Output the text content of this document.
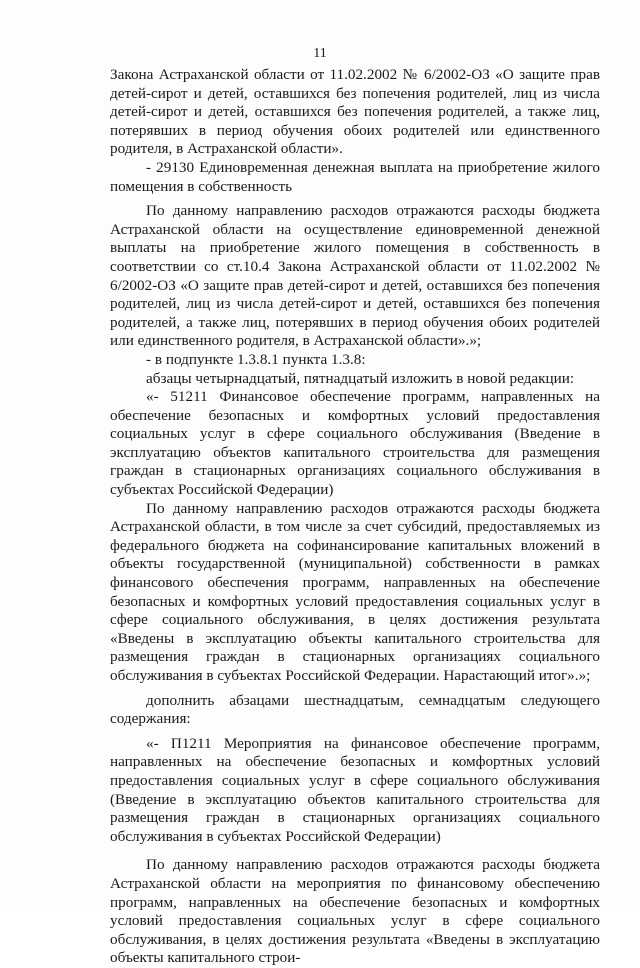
11

Закона Астраханской области от 11.02.2002 № 6/2002-ОЗ «О защите прав детей-сирот и детей, оставшихся без попечения родителей, лиц из числа детей-сирот и детей, оставшихся без попечения родителей, а также лиц, потерявших в период обучения обоих родителей или единственного родителя, в Астраханской области».

- 29130 Единовременная денежная выплата на приобретение жилого помещения в собственность

По данному направлению расходов отражаются расходы бюджета Астраханской области на осуществление единовременной денежной выплаты на приобретение жилого помещения в собственность в соответствии со ст.10.4 Закона Астраханской области от 11.02.2002 № 6/2002-ОЗ «О защите прав детей-сирот и детей, оставшихся без попечения родителей, лиц из числа детей-сирот и детей, оставшихся без попечения родителей, а также лиц, потерявших в период обучения обоих родителей или единственного родителя, в Астраханской области».»;

- в подпункте 1.3.8.1 пункта 1.3.8:

абзацы четырнадцатый, пятнадцатый изложить в новой редакции:

«- 51211 Финансовое обеспечение программ, направленных на обеспечение безопасных и комфортных условий предоставления социальных услуг в сфере социального обслуживания (Введение в эксплуатацию объектов капитального строительства для размещения граждан в стационарных организациях социального обслуживания в субъектах Российской Федерации)

По данному направлению расходов отражаются расходы бюджета Астраханской области, в том числе за счет субсидий, предоставляемых из федерального бюджета на софинансирование капитальных вложений в объекты государственной (муниципальной) собственности в рамках финансового обеспечения программ, направленных на обеспечение безопасных и комфортных условий предоставления социальных услуг в сфере социального обслуживания, в целях достижения результата «Введены в эксплуатацию объекты капитального строительства для размещения граждан в стационарных организациях социального обслуживания в субъектах Российской Федерации. Нарастающий итог».»;

дополнить абзацами шестнадцатым, семнадцатым следующего содержания:

«- П1211 Мероприятия на финансовое обеспечение программ, направленных на обеспечение безопасных и комфортных условий предоставления социальных услуг в сфере социального обслуживания (Введение в эксплуатацию объектов капитального строительства для размещения граждан в стационарных организациях социального обслуживания в субъектах Российской Федерации)

По данному направлению расходов отражаются расходы бюджета Астраханской области на мероприятия по финансовому обеспечению программ, направленных на обеспечение безопасных и комфортных условий предоставления социальных услуг в сфере социального обслуживания, в целях достижения результата «Введены в эксплуатацию объекты капитального строи-
